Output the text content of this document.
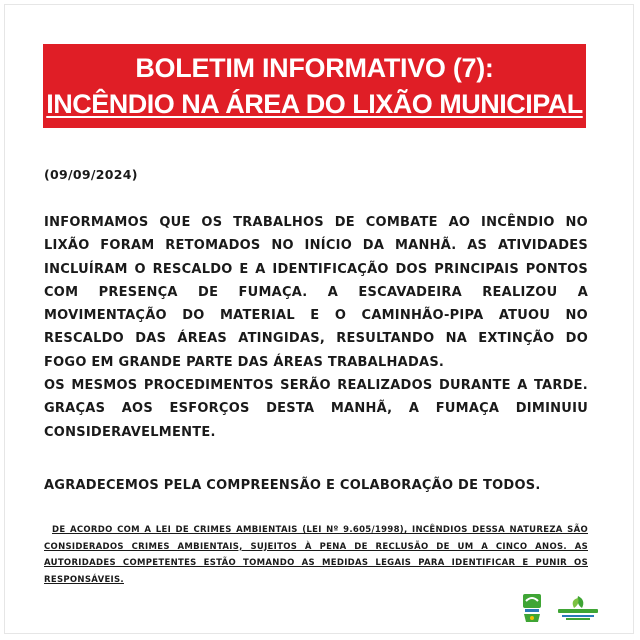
BOLETIM INFORMATIVO (7):
INCÊNDIO NA ÁREA DO LIXÃO MUNICIPAL
(09/09/2024)

INFORMAMOS QUE OS TRABALHOS DE COMBATE AO INCÊNDIO NO LIXÃO FORAM RETOMADOS NO INÍCIO DA MANHÃ. AS ATIVIDADES INCLUÍRAM O RESCALDO E A IDENTIFICAÇÃO DOS PRINCIPAIS PONTOS COM PRESENÇA DE FUMAÇA. A ESCAVADEIRA REALIZOU A MOVIMENTAÇÃO DO MATERIAL E O CAMINHÃO-PIPA ATUOU NO RESCALDO DAS ÁREAS ATINGIDAS, RESULTANDO NA EXTINÇÃO DO FOGO EM GRANDE PARTE DAS ÁREAS TRABALHADAS.

OS MESMOS PROCEDIMENTOS SERÃO REALIZADOS DURANTE A TARDE. GRAÇAS AOS ESFORÇOS DESTA MANHÃ, A FUMAÇA DIMINUIU CONSIDERAVELMENTE.

AGRADECEMOS PELA COMPREENSÃO E COLABORAÇÃO DE TODOS.
DE ACORDO COM A LEI DE CRIMES AMBIENTAIS (LEI Nº 9.605/1998), INCÊNDIOS DESSA NATUREZA SÃO CONSIDERADOS CRIMES AMBIENTAIS, SUJEITOS À PENA DE RECLUSÃO DE UM A CINCO ANOS. AS AUTORIDADES COMPETENTES ESTÃO TOMANDO AS MEDIDAS LEGAIS PARA IDENTIFICAR E PUNIR OS RESPONSÁVEIS.
